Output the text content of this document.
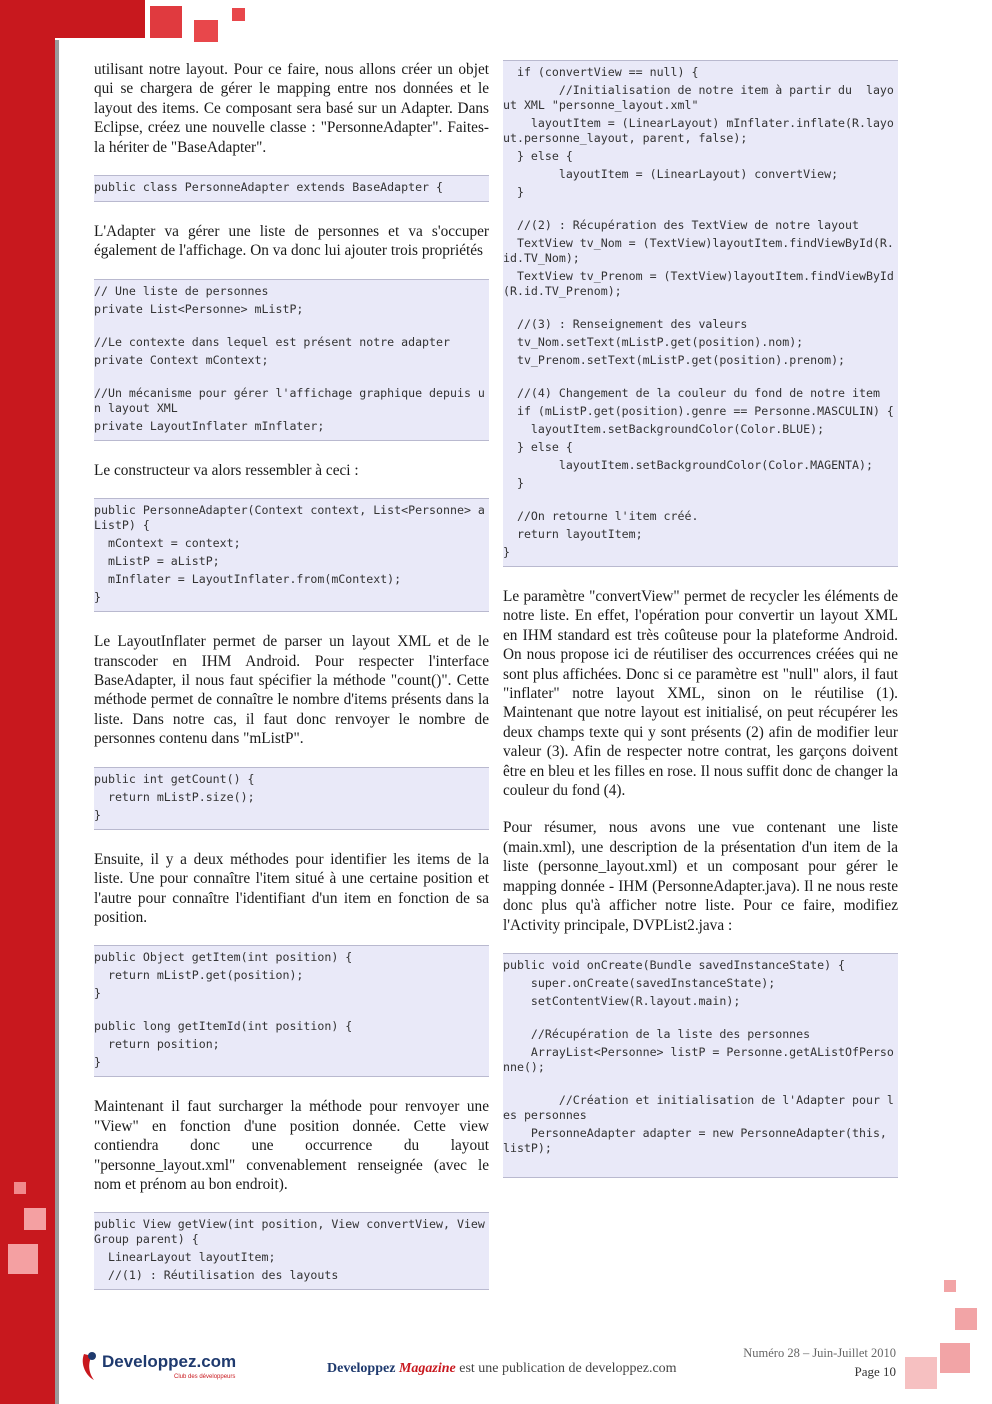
utilisant notre layout. Pour ce faire, nous allons créer un objet qui se chargera de gérer le mapping entre nos données et le layout des items. Ce composant sera basé sur un Adapter. Dans Eclipse, créez une nouvelle classe : "PersonneAdapter". Faites-la hériter de "BaseAdapter".

public class PersonneAdapter extends BaseAdapter {

L'Adapter va gérer une liste de personnes et va s'occuper également de l'affichage. On va donc lui ajouter trois propriétés

// Une liste de personnes
private List<Personne> mListP;
//Le contexte dans lequel est présent notre adapter
private Context mContext;
//Un mécanisme pour gérer l'affichage graphique depuis un layout XML
private LayoutInflater mInflater;

Le constructeur va alors ressembler à ceci :

public PersonneAdapter(Context context, List<Personne> aListP) {
mContext = context;
mListP = aListP;
mInflater = LayoutInflater.from(mContext);
}

Le LayoutInflater permet de parser un layout XML et de le transcoder en IHM Android. Pour respecter l'interface BaseAdapter, il nous faut spécifier la méthode "count()". Cette méthode permet de connaître le nombre d'items présents dans la liste. Dans notre cas, il faut donc renvoyer le nombre de personnes contenu dans "mListP".

public int getCount() {
return mListP.size();
}

Ensuite, il y a deux méthodes pour identifier les items de la liste. Une pour connaître l'item situé à une certaine position et l'autre pour connaître l'identifiant d'un item en fonction de sa position.

public Object getItem(int position) {
return mListP.get(position);
}
public long getItemId(int position) {
return position;
}

Maintenant il faut surcharger la méthode pour renvoyer une "View" en fonction d'une position donnée. Cette view contiendra donc une occurrence du layout "personne_layout.xml" convenablement renseignée (avec le nom et prénom au bon endroit).

public View getView(int position, View convertView, ViewGroup parent) {
LinearLayout layoutItem;
//(1) : Réutilisation des layouts
if (convertView == null) {
//Initialisation de notre item à partir du  layout XML "personne_layout.xml"
layoutItem = (LinearLayout) mInflater.inflate(R.layout.personne_layout, parent, false);
} else {
layoutItem = (LinearLayout) convertView;
}
//(2) : Récupération des TextView de notre layout
TextView tv_Nom = (TextView)layoutItem.findViewById(R.id.TV_Nom);
TextView tv_Prenom = (TextView)layoutItem.findViewById(R.id.TV_Prenom);
//(3) : Renseignement des valeurs
tv_Nom.setText(mListP.get(position).nom);
tv_Prenom.setText(mListP.get(position).prenom);
//(4) Changement de la couleur du fond de notre item
if (mListP.get(position).genre == Personne.MASCULIN) {
layoutItem.setBackgroundColor(Color.BLUE);
} else {
layoutItem.setBackgroundColor(Color.MAGENTA);
}
//On retourne l'item créé.
return layoutItem;
}

Le paramètre "convertView" permet de recycler les éléments de notre liste. En effet, l'opération pour convertir un layout XML en IHM standard est très coûteuse pour la plateforme Android. On nous propose ici de réutiliser des occurrences créées qui ne sont plus affichées. Donc si ce paramètre est "null" alors, il faut "inflater" notre layout XML, sinon on le réutilise (1). Maintenant que notre layout est initialisé, on peut récupérer les deux champs texte qui y sont présents (2) afin de modifier leur valeur (3). Afin de respecter notre contrat, les garçons doivent être en bleu et les filles en rose. Il nous suffit donc de changer la couleur du fond (4).

Pour résumer, nous avons une vue contenant une liste (main.xml), une description de la présentation d'un item de la liste (personne_layout.xml) et un composant pour gérer le mapping donnée - IHM (PersonneAdapter.java). Il ne nous reste donc plus qu'à afficher notre liste. Pour ce faire, modifiez l'Activity principale, DVPList2.java :

public void onCreate(Bundle savedInstanceState) {
super.onCreate(savedInstanceState);
setContentView(R.layout.main);
//Récupération de la liste des personnes
ArrayList<Personne> listP = Personne.getAListOfPersonne();
//Création et initialisation de l'Adapter pour les personnes
PersonneAdapter adapter = new PersonneAdapter(this, listP);
Developpez.com
Club des développeurs
Developpez Magazine est une publication de developpez.com
Numéro 28 – Juin-Juillet 2010
Page 10
